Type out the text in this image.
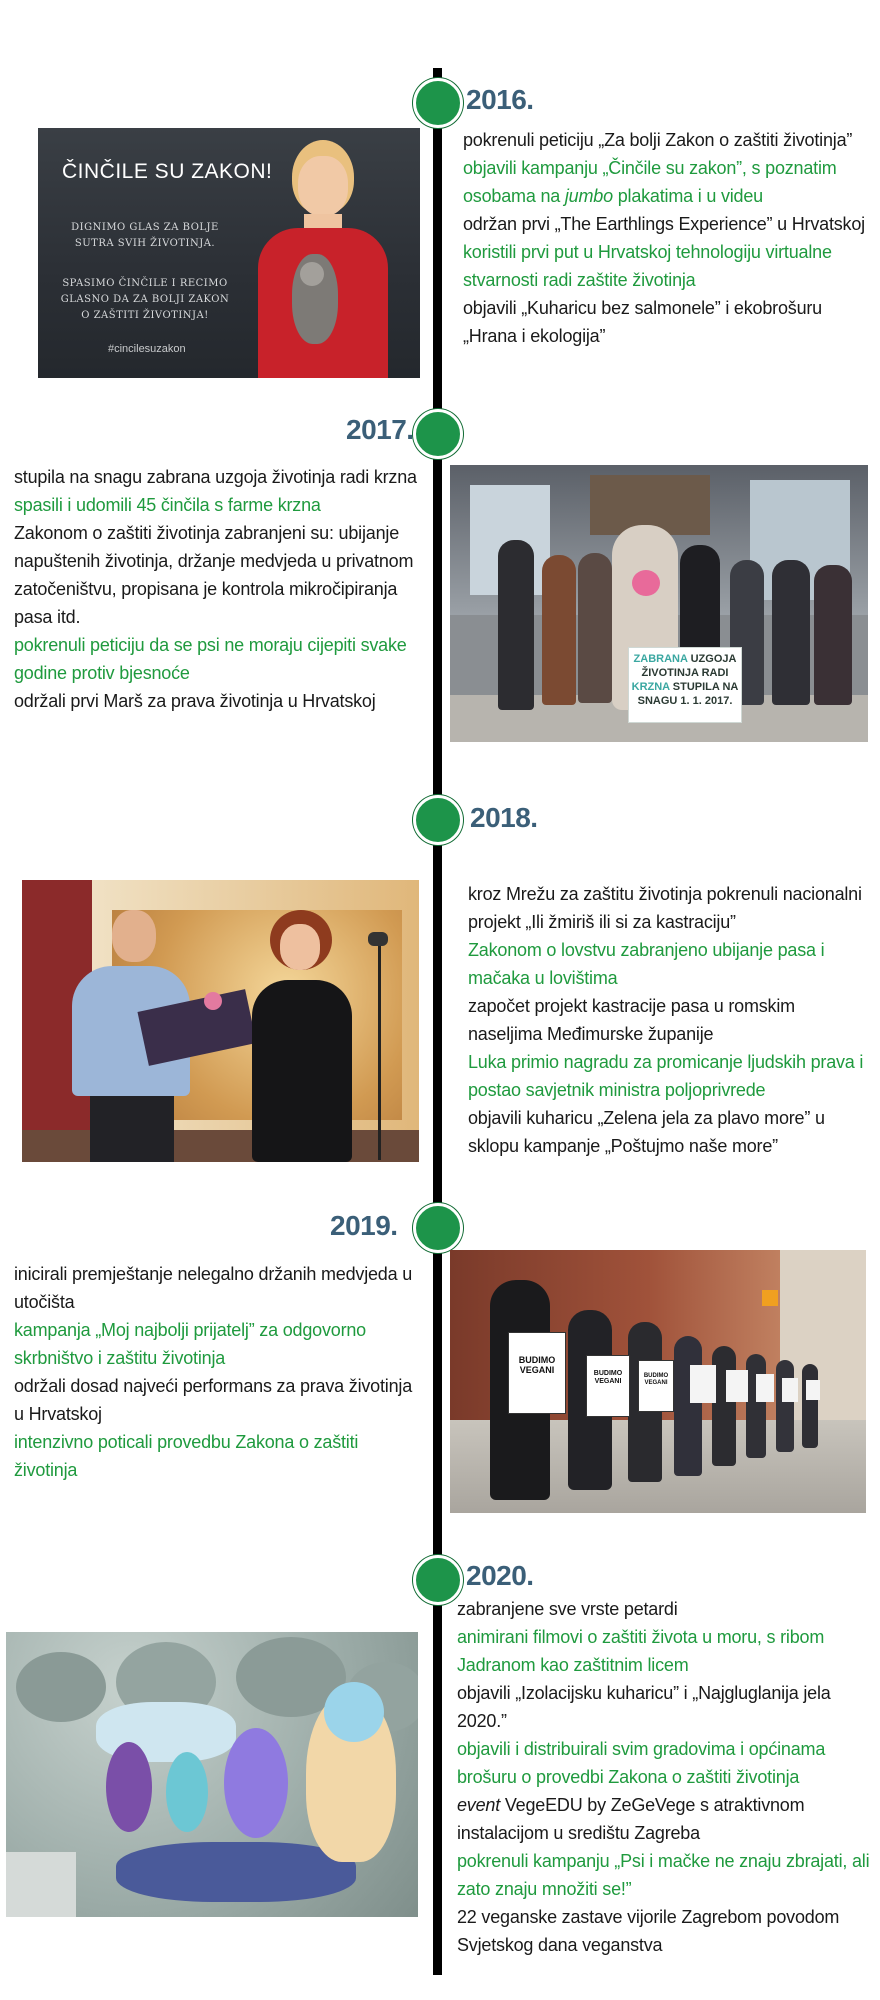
2016.
ČINČILE SU ZAKON!
DIGNIMO GLAS ZA BOLJE SUTRA SVIH ŽIVOTINJA.
SPASIMO ČINČILE I RECIMO GLASNO DA ZA BOLJI ZAKON O ZAŠTITI ŽIVOTINJA!
#cincilesuzakon
pokrenuli peticiju „Za bolji Zakon o zaštiti životinja”
objavili kampanju „Činčile su zakon”, s poznatim osobama na jumbo plakatima i u videu
održan prvi „The Earthlings Experience” u Hrvatskoj
koristili prvi put u Hrvatskoj tehnologiju virtualne stvarnosti radi zaštite životinja
objavili „Kuharicu bez salmonele” i ekobrošuru „Hrana i ekologija”
2017.
stupila na snagu zabrana uzgoja životinja radi krzna
spasili i udomili 45 činčila s farme krzna
Zakonom o zaštiti životinja zabranjeni su: ubijanje napuštenih životinja, držanje medvjeda u privatnom zatočeništvu, propisana je kontrola mikročipiranja pasa itd.
pokrenuli peticiju da se psi ne moraju cijepiti svake godine protiv bjesnoće
održali prvi Marš za prava životinja u Hrvatskoj
ZABRANA UZGOJA
ŽIVOTINJA RADI
KRZNA STUPILA NA
SNAGU 1. 1. 2017.
2018.
kroz Mrežu za zaštitu životinja pokrenuli nacionalni projekt „Ili žmiriš ili si za kastraciju”
Zakonom o lovstvu zabranjeno ubijanje pasa i mačaka u lovištima
započet projekt kastracije pasa u romskim naseljima Međimurske županije
Luka primio nagradu za promicanje ljudskih prava i postao savjetnik ministra poljoprivrede
objavili kuharicu „Zelena jela za plavo more” u sklopu kampanje „Poštujmo naše more”
2019.
inicirali premještanje nelegalno držanih medvjeda u utočišta
kampanja „Moj najbolji prijatelj” za odgovorno skrbništvo i zaštitu životinja
održali dosad najveći performans za prava životinja u Hrvatskoj
intenzivno poticali provedbu Zakona o zaštiti životinja
BUDIMO
VEGANI	BUDIMO
VEGANI
BUDIMO
VEGANI
2020.
zabranjene sve vrste petardi
animirani filmovi o zaštiti života u moru, s ribom Jadranom kao zaštitnim licem
objavili „Izolacijsku kuharicu” i „Najgluglanija jela 2020.”
objavili i distribuirali svim gradovima i općinama brošuru o provedbi Zakona o zaštiti životinja
event VegeEDU by ZeGeVege s atraktivnom instalacijom u središtu Zagreba
pokrenuli kampanju „Psi i mačke ne znaju zbrajati, ali zato znaju množiti se!”
22 veganske zastave vijorile Zagrebom povodom Svjetskog dana veganstva
